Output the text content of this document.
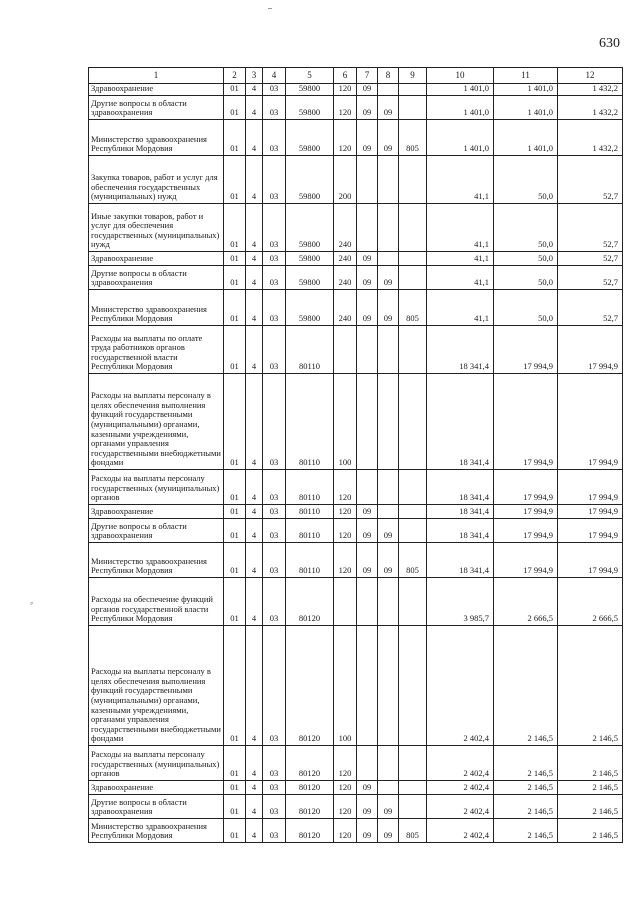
630
⸗
1	2	3	4	5	6	7	8	9	10	11	12
Здравоохранение	01	4	03	59800	120	09			1 401,0	1 401,0	1 432,2
Другие вопросы в области здравоохранения	01	4	03	59800	120	09	09		1 401,0	1 401,0	1 432,2
Министерство здравоохранения Республики Мордовия	01	4	03	59800	120	09	09	805	1 401,0	1 401,0	1 432,2
Закупка товаров, работ и услуг для обеспечения государственных (муниципальных) нужд	01	4	03	59800	200				41,1	50,0	52,7
Иные закупки товаров, работ и услуг для обеспечения государственных (муниципальных) нужд	01	4	03	59800	240				41,1	50,0	52,7
Здравоохранение	01	4	03	59800	240	09			41,1	50,0	52,7
Другие вопросы в области здравоохранения	01	4	03	59800	240	09	09		41,1	50,0	52,7
Министерство здравоохранения Республики Мордовия	01	4	03	59800	240	09	09	805	41,1	50,0	52,7
Расходы на выплаты по оплате труда работников органов государственной власти Республики Мордовия	01	4	03	80110					18 341,4	17 994,9	17 994,9
Расходы на выплаты персоналу в целях обеспечения выполнения функций государственными (муниципальными) органами, казенными учреждениями, органами управления государственными внебюджетными фондами	01	4	03	80110	100				18 341,4	17 994,9	17 994,9
Расходы на выплаты персоналу государственных (муниципальных) органов	01	4	03	80110	120				18 341,4	17 994,9	17 994,9
Здравоохранение	01	4	03	80110	120	09			18 341,4	17 994,9	17 994,9
Другие вопросы в области здравоохранения	01	4	03	80110	120	09	09		18 341,4	17 994,9	17 994,9
Министерство здравоохранения Республики Мордовия	01	4	03	80110	120	09	09	805	18 341,4	17 994,9	17 994,9
Расходы на обеспечение функций органов государственной власти Республики Мордовия	01	4	03	80120					3 985,7	2 666,5	2 666,5
Расходы на выплаты персоналу в целях обеспечения выполнения функций государственными (муниципальными) органами, казенными учреждениями, органами управления государственными внебюджетными фондами	01	4	03	80120	100				2 402,4	2 146,5	2 146,5
Расходы на выплаты персоналу государственных (муниципальных) органов	01	4	03	80120	120				2 402,4	2 146,5	2 146,5
Здравоохранение	01	4	03	80120	120	09			2 402,4	2 146,5	2 146,5
Другие вопросы в области здравоохранения	01	4	03	80120	120	09	09		2 402,4	2 146,5	2 146,5
Министерство здравоохранения Республики Мордовия	01	4	03	80120	120	09	09	805	2 402,4	2 146,5	2 146,5
